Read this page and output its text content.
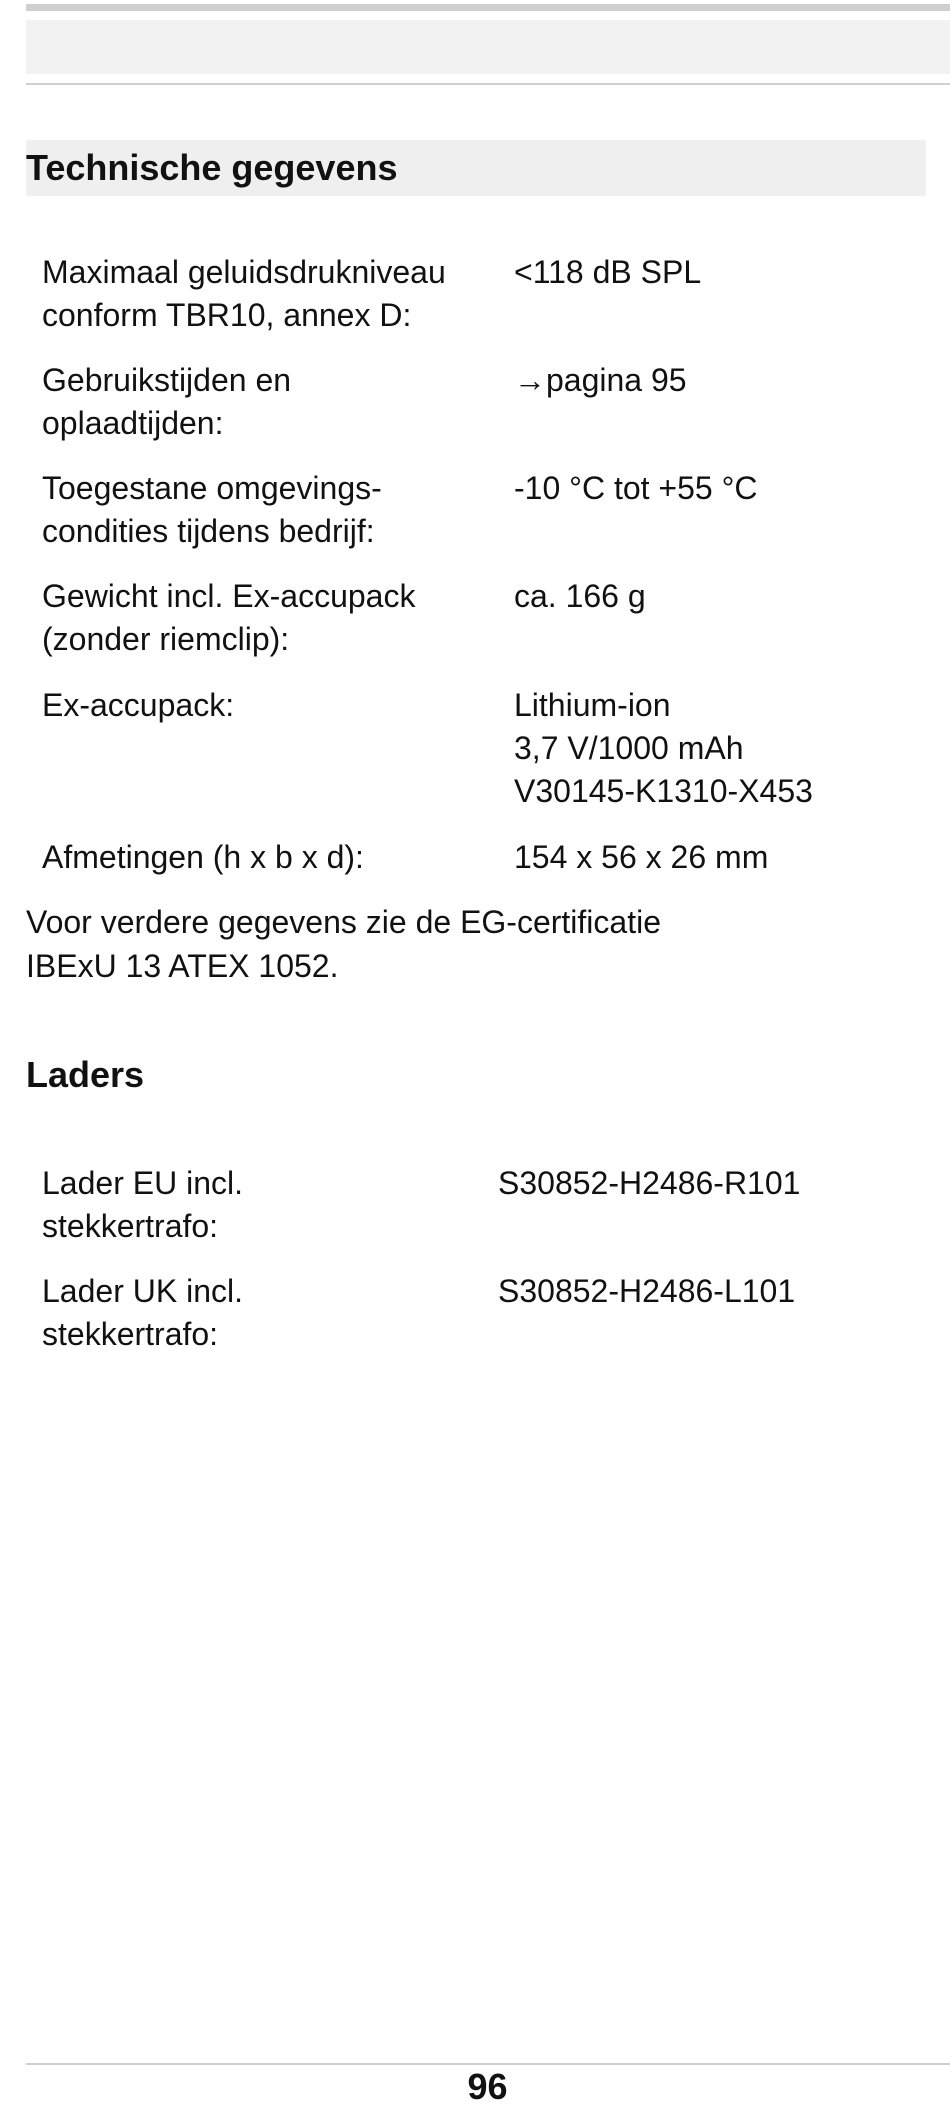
Technische gegevens
Maximaal geluidsdrukniveau
conform TBR10, annex D:
<118 dB SPL
Gebruikstijden en
oplaadtijden:
→pagina 95
Toegestane omgevings-
condities tijdens bedrijf:
-10 °C tot +55 °C
Gewicht incl. Ex-accupack
(zonder riemclip):
ca. 166 g
Ex-accupack:	Lithium-ion
3,7 V/1000 mAh
V30145-K1310-X453
Afmetingen (h x b x d):	154 x 56 x 26 mm
Voor verdere gegevens zie de EG-certificatie
IBExU 13 ATEX 1052.
Laders
Lader EU incl.
stekkertrafo:
S30852-H2486-R101
Lader UK incl.
stekkertrafo:
S30852-H2486-L101
96
